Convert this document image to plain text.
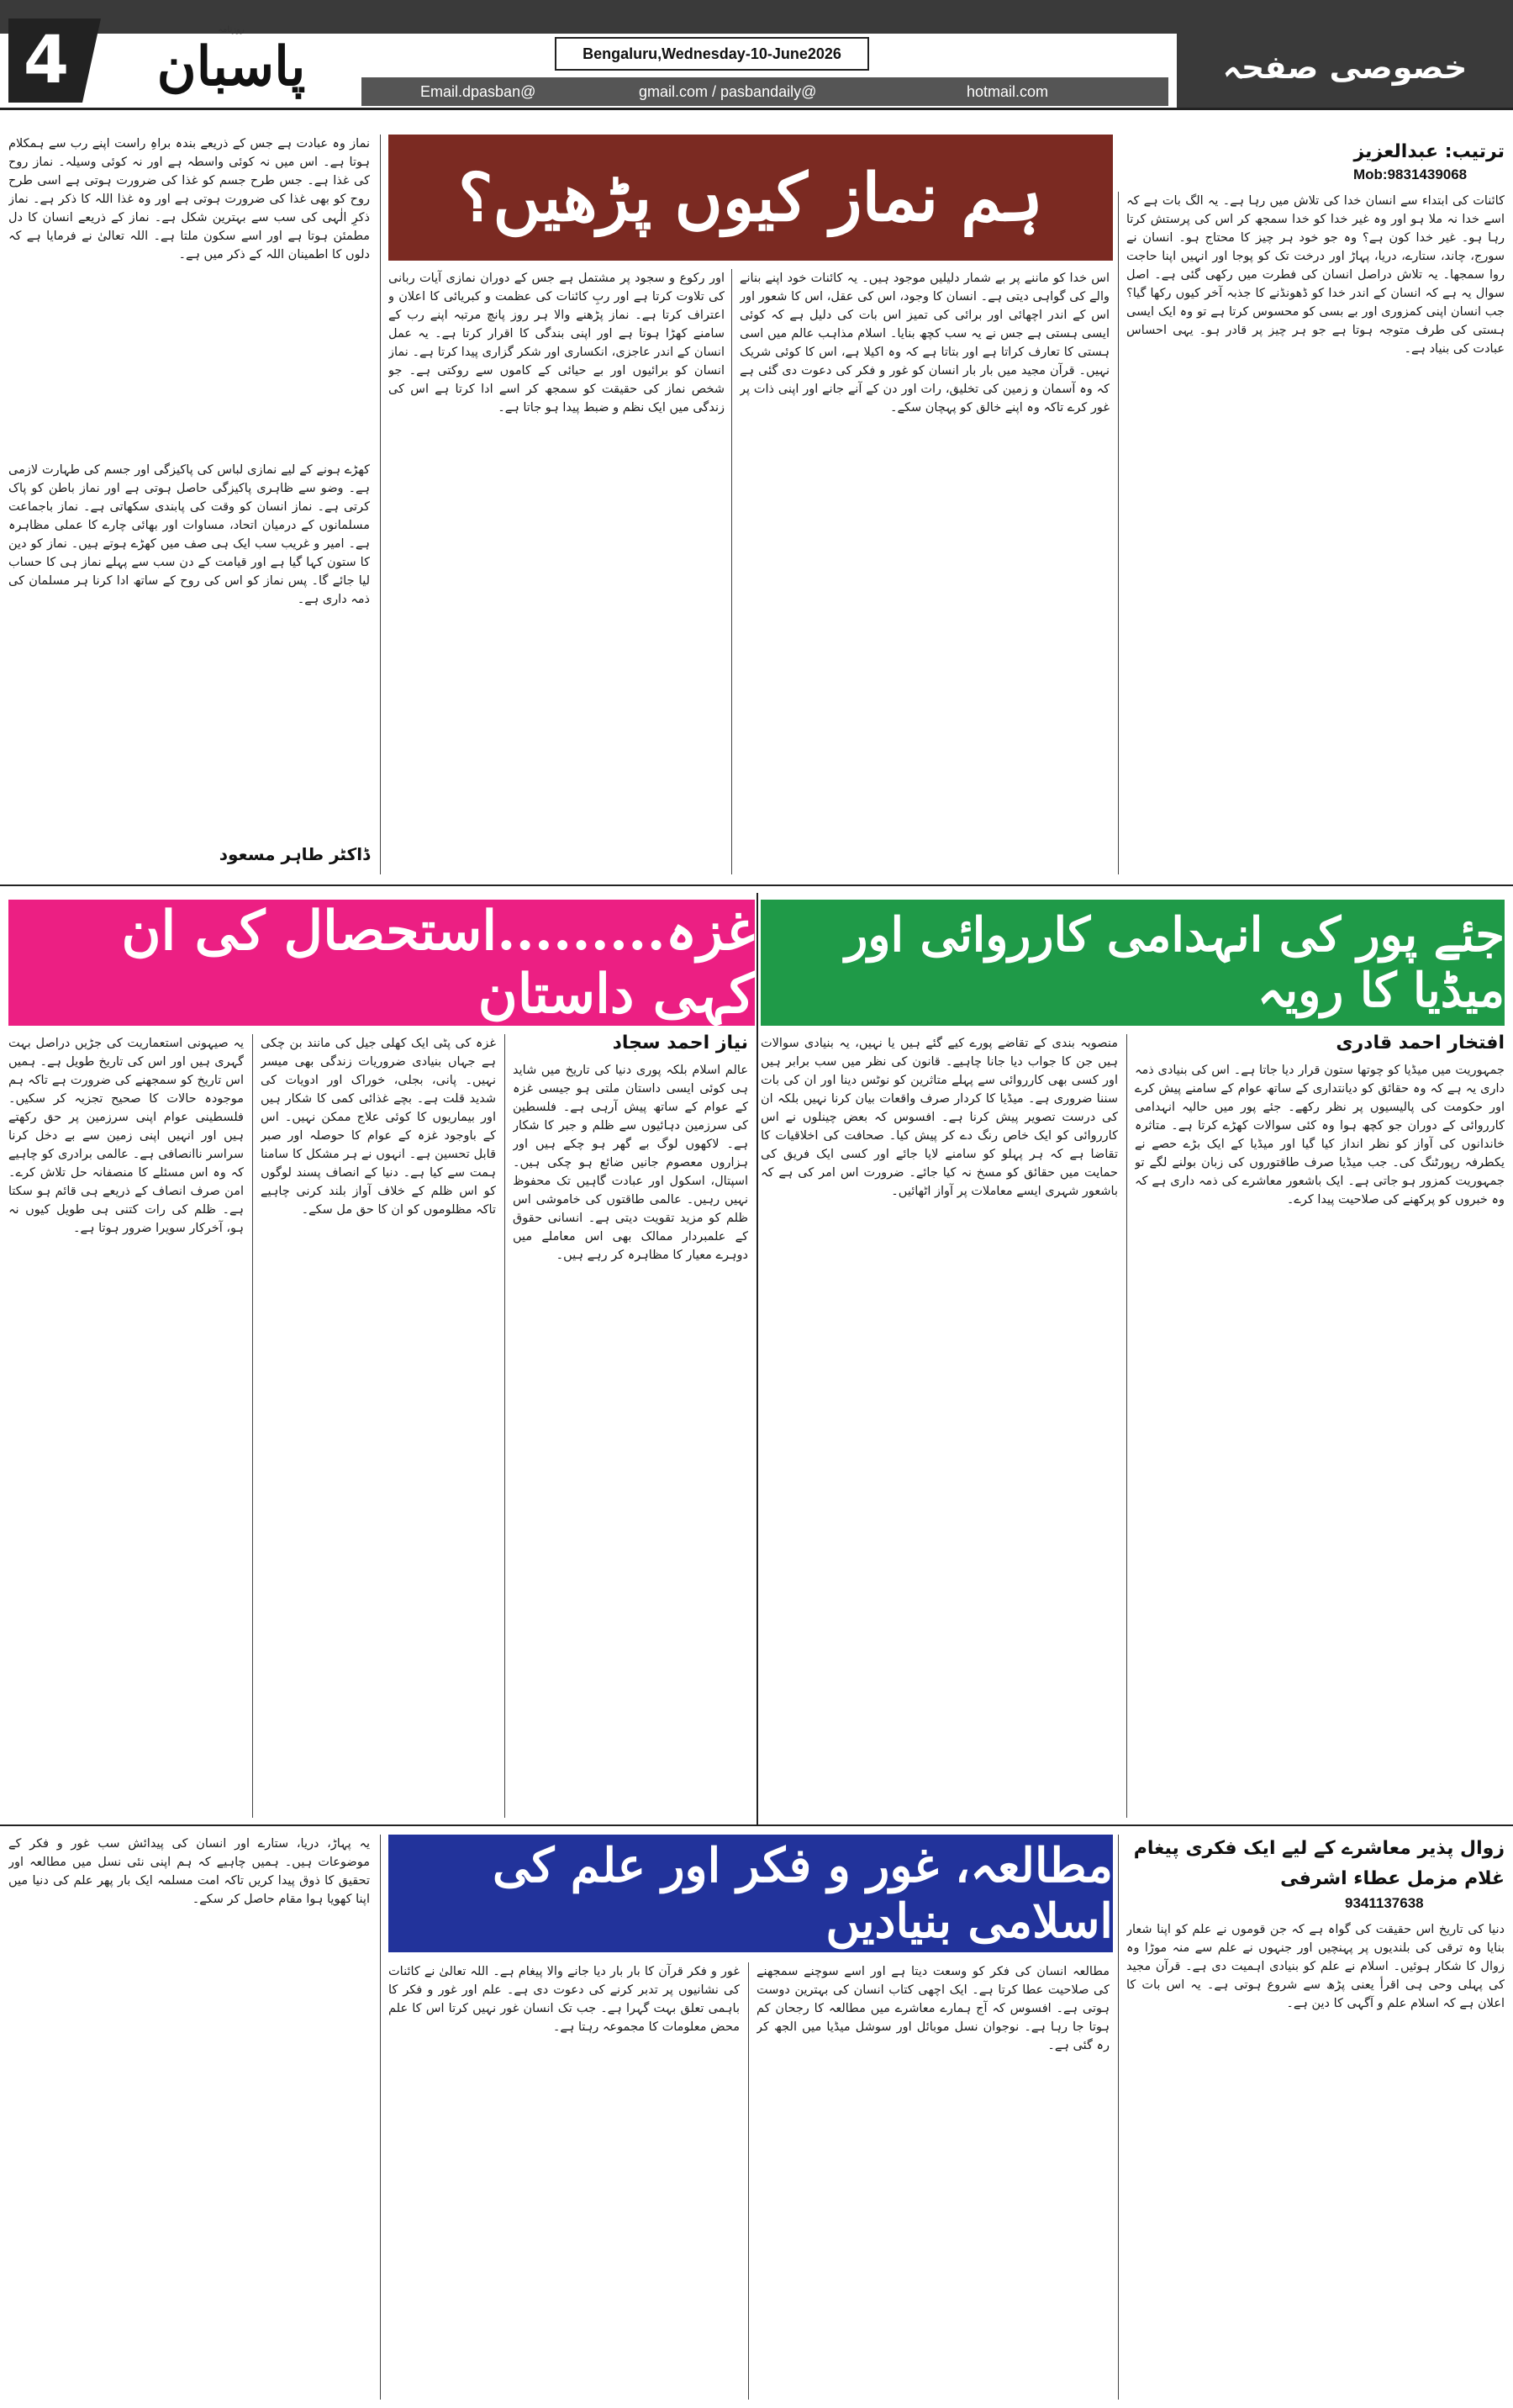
خصوصی صفحہ
4	روزنامہ
پاسبان	Bengaluru,Wednesday-10-June2026
Email.dpasban@	gmail.com / pasbandaily@	hotmail.com
ہم نماز کیوں پڑھیں؟
ترتیب: عبدالعزیز
Mob:9831439068
کائنات کی ابتداء سے انسان خدا کی تلاش میں رہا ہے۔ یہ الگ بات ہے کہ اسے خدا نہ ملا ہو اور وہ غیر خدا کو خدا سمجھ کر اس کی پرستش کرتا رہا ہو۔ غیر خدا کون ہے؟ وہ جو خود ہر چیز کا محتاج ہو۔ انسان نے سورج، چاند، ستارے، دریا، پہاڑ اور درخت تک کو پوجا اور انہیں اپنا حاجت روا سمجھا۔ یہ تلاش دراصل انسان کی فطرت میں رکھی گئی ہے۔ اصل سوال یہ ہے کہ انسان کے اندر خدا کو ڈھونڈنے کا جذبہ آخر کیوں رکھا گیا؟ جب انسان اپنی کمزوری اور بے بسی کو محسوس کرتا ہے تو وہ ایک ایسی ہستی کی طرف متوجہ ہوتا ہے جو ہر چیز پر قادر ہو۔ یہی احساس عبادت کی بنیاد ہے۔
اس خدا کو ماننے پر بے شمار دلیلیں موجود ہیں۔ یہ کائنات خود اپنے بنانے والے کی گواہی دیتی ہے۔ انسان کا وجود، اس کی عقل، اس کا شعور اور اس کے اندر اچھائی اور برائی کی تمیز اس بات کی دلیل ہے کہ کوئی ایسی ہستی ہے جس نے یہ سب کچھ بنایا۔ اسلام مذاہب عالم میں اسی ہستی کا تعارف کراتا ہے اور بتاتا ہے کہ وہ اکیلا ہے، اس کا کوئی شریک نہیں۔ قرآن مجید میں بار بار انسان کو غور و فکر کی دعوت دی گئی ہے کہ وہ آسمان و زمین کی تخلیق، رات اور دن کے آنے جانے اور اپنی ذات پر غور کرے تاکہ وہ اپنے خالق کو پہچان سکے۔
اور رکوع و سجود پر مشتمل ہے جس کے دوران نمازی آیات ربانی کی تلاوت کرتا ہے اور ربِ کائنات کی عظمت و کبریائی کا اعلان و اعتراف کرتا ہے۔ نماز پڑھنے والا ہر روز پانچ مرتبہ اپنے رب کے سامنے کھڑا ہوتا ہے اور اپنی بندگی کا اقرار کرتا ہے۔ یہ عمل انسان کے اندر عاجزی، انکساری اور شکر گزاری پیدا کرتا ہے۔ نماز انسان کو برائیوں اور بے حیائی کے کاموں سے روکتی ہے۔ جو شخص نماز کی حقیقت کو سمجھ کر اسے ادا کرتا ہے اس کی زندگی میں ایک نظم و ضبط پیدا ہو جاتا ہے۔
نماز وہ عبادت ہے جس کے ذریعے بندہ براہِ راست اپنے رب سے ہمکلام ہوتا ہے۔ اس میں نہ کوئی واسطہ ہے اور نہ کوئی وسیلہ۔ نماز روح کی غذا ہے۔ جس طرح جسم کو غذا کی ضرورت ہوتی ہے اسی طرح روح کو بھی غذا کی ضرورت ہوتی ہے اور وہ غذا اللہ کا ذکر ہے۔ نماز ذکرِ الٰہی کی سب سے بہترین شکل ہے۔ نماز کے ذریعے انسان کا دل مطمئن ہوتا ہے اور اسے سکون ملتا ہے۔ اللہ تعالیٰ نے فرمایا ہے کہ دلوں کا اطمینان اللہ کے ذکر میں ہے۔
کھڑے ہونے کے لیے نمازی لباس کی پاکیزگی اور جسم کی طہارت لازمی ہے۔ وضو سے ظاہری پاکیزگی حاصل ہوتی ہے اور نماز باطن کو پاک کرتی ہے۔ نماز انسان کو وقت کی پابندی سکھاتی ہے۔ نماز باجماعت مسلمانوں کے درمیان اتحاد، مساوات اور بھائی چارے کا عملی مظاہرہ ہے۔ امیر و غریب سب ایک ہی صف میں کھڑے ہوتے ہیں۔ نماز کو دین کا ستون کہا گیا ہے اور قیامت کے دن سب سے پہلے نماز ہی کا حساب لیا جائے گا۔ پس نماز کو اس کی روح کے ساتھ ادا کرنا ہر مسلمان کی ذمہ داری ہے۔
ڈاکٹر طاہر مسعود
جئے پور کی انہدامی کارروائی اور میڈیا کا رویہ
افتخار احمد قادری
جمہوریت میں میڈیا کو چوتھا ستون قرار دیا جاتا ہے۔ اس کی بنیادی ذمہ داری یہ ہے کہ وہ حقائق کو دیانتداری کے ساتھ عوام کے سامنے پیش کرے اور حکومت کی پالیسیوں پر نظر رکھے۔ جئے پور میں حالیہ انہدامی کارروائی کے دوران جو کچھ ہوا وہ کئی سوالات کھڑے کرتا ہے۔ متاثرہ خاندانوں کی آواز کو نظر انداز کیا گیا اور میڈیا کے ایک بڑے حصے نے یکطرفہ رپورٹنگ کی۔ جب میڈیا صرف طاقتوروں کی زبان بولنے لگے تو جمہوریت کمزور ہو جاتی ہے۔ ایک باشعور معاشرے کی ذمہ داری ہے کہ وہ خبروں کو پرکھنے کی صلاحیت پیدا کرے۔
منصوبہ بندی کے تقاضے پورے کیے گئے ہیں یا نہیں، یہ بنیادی سوالات ہیں جن کا جواب دیا جانا چاہیے۔ قانون کی نظر میں سب برابر ہیں اور کسی بھی کارروائی سے پہلے متاثرین کو نوٹس دینا اور ان کی بات سننا ضروری ہے۔ میڈیا کا کردار صرف واقعات بیان کرنا نہیں بلکہ ان کی درست تصویر پیش کرنا ہے۔ افسوس کہ بعض چینلوں نے اس کارروائی کو ایک خاص رنگ دے کر پیش کیا۔ صحافت کی اخلاقیات کا تقاضا ہے کہ ہر پہلو کو سامنے لایا جائے اور کسی ایک فریق کی حمایت میں حقائق کو مسخ نہ کیا جائے۔ ضرورت اس امر کی ہے کہ باشعور شہری ایسے معاملات پر آواز اٹھائیں۔
غزہ.........استحصال کی ان کہی داستان
نیاز احمد سجاد
عالم اسلام بلکہ پوری دنیا کی تاریخ میں شاید ہی کوئی ایسی داستان ملتی ہو جیسی غزہ کے عوام کے ساتھ پیش آرہی ہے۔ فلسطین کی سرزمین دہائیوں سے ظلم و جبر کا شکار ہے۔ لاکھوں لوگ بے گھر ہو چکے ہیں اور ہزاروں معصوم جانیں ضائع ہو چکی ہیں۔ اسپتال، اسکول اور عبادت گاہیں تک محفوظ نہیں رہیں۔ عالمی طاقتوں کی خاموشی اس ظلم کو مزید تقویت دیتی ہے۔ انسانی حقوق کے علمبردار ممالک بھی اس معاملے میں دوہرے معیار کا مظاہرہ کر رہے ہیں۔
غزہ کی پٹی ایک کھلی جیل کی مانند بن چکی ہے جہاں بنیادی ضروریات زندگی بھی میسر نہیں۔ پانی، بجلی، خوراک اور ادویات کی شدید قلت ہے۔ بچے غذائی کمی کا شکار ہیں اور بیماریوں کا کوئی علاج ممکن نہیں۔ اس کے باوجود غزہ کے عوام کا حوصلہ اور صبر قابل تحسین ہے۔ انہوں نے ہر مشکل کا سامنا ہمت سے کیا ہے۔ دنیا کے انصاف پسند لوگوں کو اس ظلم کے خلاف آواز بلند کرنی چاہیے تاکہ مظلوموں کو ان کا حق مل سکے۔
یہ صیہونی استعماریت کی جڑیں دراصل بہت گہری ہیں اور اس کی تاریخ طویل ہے۔ ہمیں اس تاریخ کو سمجھنے کی ضرورت ہے تاکہ ہم موجودہ حالات کا صحیح تجزیہ کر سکیں۔ فلسطینی عوام اپنی سرزمین پر حق رکھتے ہیں اور انہیں اپنی زمین سے بے دخل کرنا سراسر ناانصافی ہے۔ عالمی برادری کو چاہیے کہ وہ اس مسئلے کا منصفانہ حل تلاش کرے۔ امن صرف انصاف کے ذریعے ہی قائم ہو سکتا ہے۔ ظلم کی رات کتنی ہی طویل کیوں نہ ہو، آخرکار سویرا ضرور ہوتا ہے۔
مطالعہ، غور و فکر اور علم کی اسلامی بنیادیں
زوال پذیر معاشرے کے لیے ایک فکری پیغام
غلام مزمل عطاء اشرفی
9341137638
دنیا کی تاریخ اس حقیقت کی گواہ ہے کہ جن قوموں نے علم کو اپنا شعار بنایا وہ ترقی کی بلندیوں پر پہنچیں اور جنہوں نے علم سے منہ موڑا وہ زوال کا شکار ہوئیں۔ اسلام نے علم کو بنیادی اہمیت دی ہے۔ قرآن مجید کی پہلی وحی ہی اقرأ یعنی پڑھ سے شروع ہوتی ہے۔ یہ اس بات کا اعلان ہے کہ اسلام علم و آگہی کا دین ہے۔
مطالعہ انسان کی فکر کو وسعت دیتا ہے اور اسے سوچنے سمجھنے کی صلاحیت عطا کرتا ہے۔ ایک اچھی کتاب انسان کی بہترین دوست ہوتی ہے۔ افسوس کہ آج ہمارے معاشرے میں مطالعہ کا رجحان کم ہوتا جا رہا ہے۔ نوجوان نسل موبائل اور سوشل میڈیا میں الجھ کر رہ گئی ہے۔
غور و فکر قرآن کا بار بار دیا جانے والا پیغام ہے۔ اللہ تعالیٰ نے کائنات کی نشانیوں پر تدبر کرنے کی دعوت دی ہے۔ علم اور غور و فکر کا باہمی تعلق بہت گہرا ہے۔ جب تک انسان غور نہیں کرتا اس کا علم محض معلومات کا مجموعہ رہتا ہے۔
یہ پہاڑ، دریا، ستارے اور انسان کی پیدائش سب غور و فکر کے موضوعات ہیں۔ ہمیں چاہیے کہ ہم اپنی نئی نسل میں مطالعہ اور تحقیق کا ذوق پیدا کریں تاکہ امت مسلمہ ایک بار پھر علم کی دنیا میں اپنا کھویا ہوا مقام حاصل کر سکے۔
